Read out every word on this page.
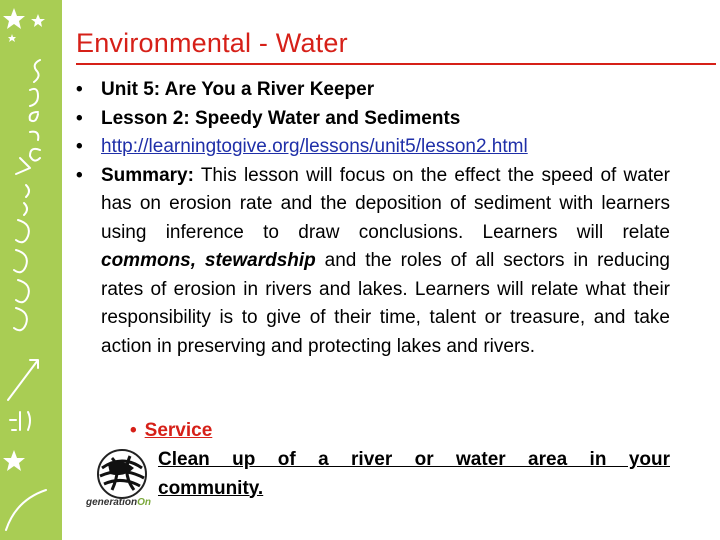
Environmental - Water
• Unit 5: Are You a River Keeper
• Lesson 2: Speedy Water and Sediments
• http://learningtogive.org/lessons/unit5/lesson2.html
• Summary: This lesson will focus on the effect the speed of water has on erosion rate and the deposition of sediment with learners using inference to draw conclusions. Learners will relate commons, stewardship and the roles of all sectors in reducing rates of erosion in rivers and lakes. Learners will relate what their responsibility is to give of their time, talent or treasure, and take action in preserving and protecting lakes and rivers.
• Service
generationOn
Clean up of a river or water area in your community.
